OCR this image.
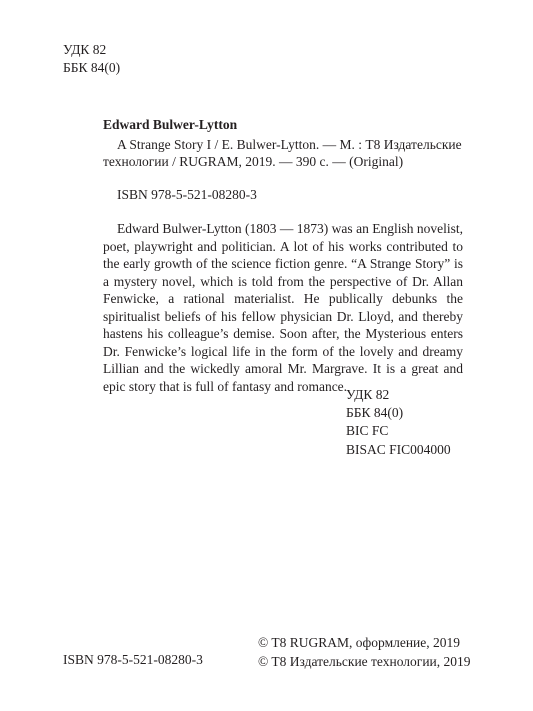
УДК 82
ББК 84(0)
Edward Bulwer-Lytton
A Strange Story I / E. Bulwer-Lytton. — М. : T8 Издательские технологии / RUGRAM, 2019. — 390 с. — (Original)
ISBN 978-5-521-08280-3
Edward Bulwer-Lytton (1803 — 1873) was an English novelist, poet, playwright and politician. A lot of his works contributed to the early growth of the science fiction genre. “A Strange Story” is a mystery novel, which is told from the perspective of Dr. Allan Fenwicke, a rational materialist. He publically debunks the spiritualist beliefs of his fellow physician Dr. Lloyd, and thereby hastens his colleague’s demise. Soon after, the Mysterious enters Dr. Fenwicke’s logical life in the form of the lovely and dreamy Lillian and the wickedly amoral Mr. Margrave. It is a great and epic story that is full of fantasy and romance.
УДК 82
ББК 84(0)
BIC FC
BISAC FIC004000
ISBN 978-5-521-08280-3
© T8 RUGRAM, оформление, 2019
© T8 Издательские технологии, 2019
